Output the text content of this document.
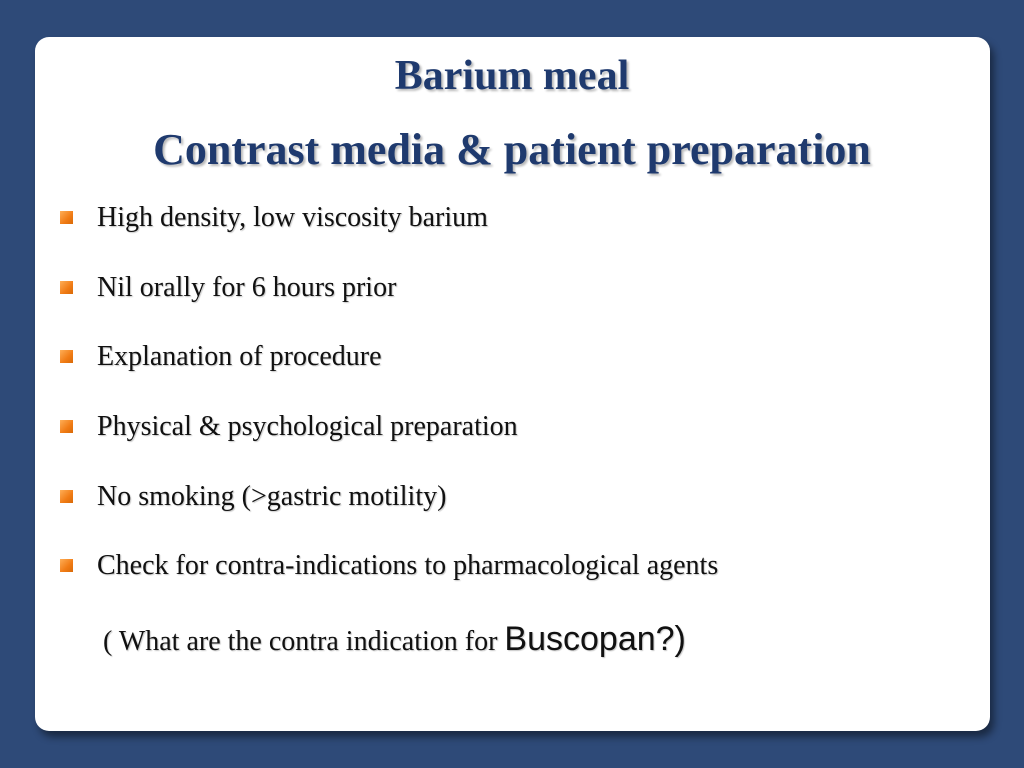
Barium meal
Contrast media & patient preparation
High density, low viscosity barium
Nil orally for 6 hours prior
Explanation of procedure
Physical & psychological preparation
No smoking (>gastric motility)
Check for contra-indications to pharmacological agents
( What are the contra indication for Buscopan?)
